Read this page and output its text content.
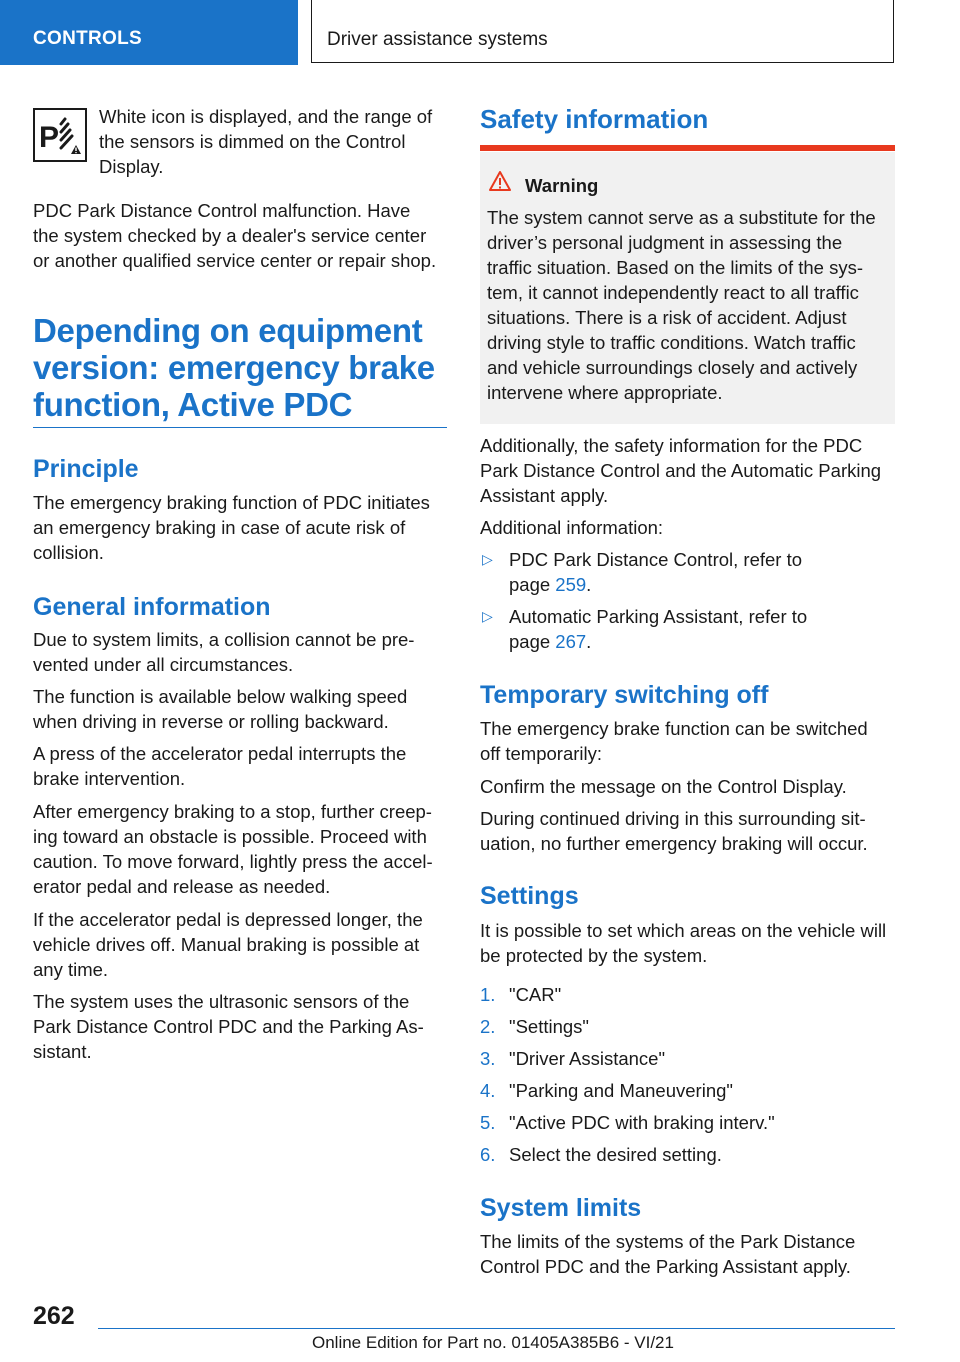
CONTROLS	Driver assistance systems
P

White icon is displayed, and the range of

the sensors is dimmed on the Control

Display.

PDC Park Distance Control malfunction. Have

the system checked by a dealer's service center

or another qualified service center or repair shop.

Depending on equipment

version: emergency brake

function, Active PDC

Principle

The emergency braking function of PDC initiates

an emergency braking in case of acute risk of

collision.

General information

Due to system limits, a collision cannot be pre-

vented under all circumstances.

The function is available below walking speed

when driving in reverse or rolling backward.

A press of the accelerator pedal interrupts the

brake intervention.

After emergency braking to a stop, further creep-

ing toward an obstacle is possible. Proceed with

caution. To move forward, lightly press the accel-

erator pedal and release as needed.

If the accelerator pedal is depressed longer, the

vehicle drives off. Manual braking is possible at

any time.

The system uses the ultrasonic sensors of the

Park Distance Control PDC and the Parking As-

sistant.

Safety information

Warning

The system cannot serve as a substitute for the

driver’s personal judgment in assessing the

traffic situation. Based on the limits of the sys-

tem, it cannot independently react to all traffic

situations. There is a risk of accident. Adjust

driving style to traffic conditions. Watch traffic

and vehicle surroundings closely and actively

intervene where appropriate.

Additionally, the safety information for the PDC

Park Distance Control and the Automatic Parking

Assistant apply.

Additional information:

▷ PDC Park Distance Control, refer to

page 259.

▷ Automatic Parking Assistant, refer to

page 267.

Temporary switching off

The emergency brake function can be switched

off temporarily:

Confirm the message on the Control Display.

During continued driving in this surrounding sit-

uation, no further emergency braking will occur.

Settings

It is possible to set which areas on the vehicle will

be protected by the system.

1. "CAR"

2. "Settings"

3. "Driver Assistance"

4. "Parking and Maneuvering"

5. "Active PDC with braking interv."

6. Select the desired setting.

System limits

The limits of the systems of the Park Distance

Control PDC and the Parking Assistant apply.

262
Online Edition for Part no. 01405A385B6 - VI/21
